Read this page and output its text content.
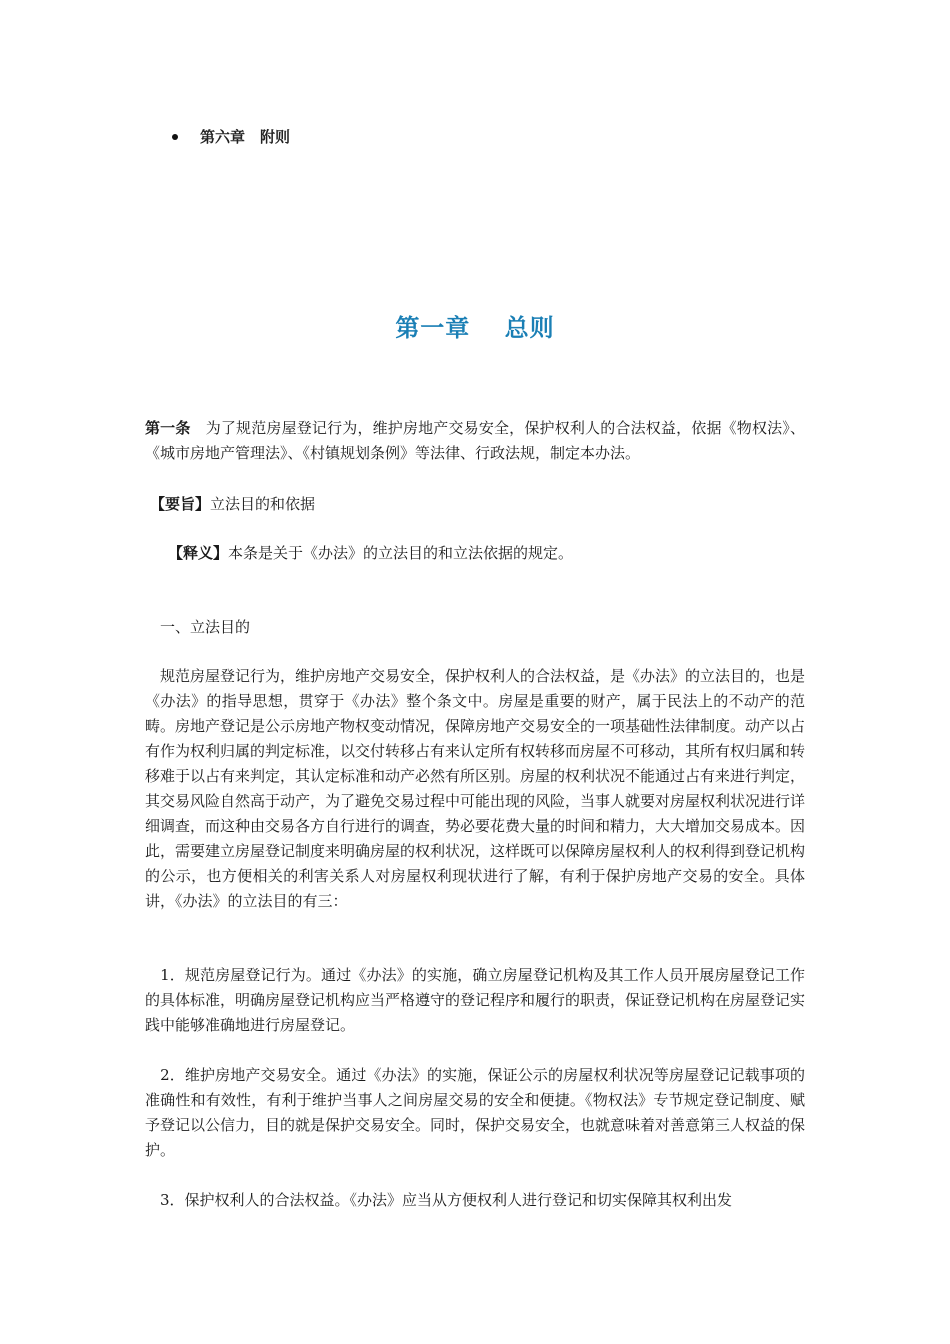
第六章　附则
第一章　 总则

第一条　为了规范房屋登记行为，维护房地产交易安全，保护权利人的合法权益，依据《物权法》、《城市房地产管理法》、《村镇规划条例》等法律、行政法规，制定本办法。

【要旨】立法目的和依据

【释义】本条是关于《办法》的立法目的和立法依据的规定。

一、立法目的

　规范房屋登记行为，维护房地产交易安全，保护权利人的合法权益，是《办法》的立法目的，也是《办法》的指导思想，贯穿于《办法》整个条文中。房屋是重要的财产，属于民法上的不动产的范畴。房地产登记是公示房地产物权变动情况，保障房地产交易安全的一项基础性法律制度。动产以占有作为权利归属的判定标准，以交付转移占有来认定所有权转移而房屋不可移动，其所有权归属和转移难于以占有来判定，其认定标准和动产必然有所区别。房屋的权利状况不能通过占有来进行判定，其交易风险自然高于动产，为了避免交易过程中可能出现的风险，当事人就要对房屋权利状况进行详细调查，而这种由交易各方自行进行的调查，势必要花费大量的时间和精力，大大增加交易成本。因此，需要建立房屋登记制度来明确房屋的权利状况，这样既可以保障房屋权利人的权利得到登记机构的公示，也方便相关的利害关系人对房屋权利现状进行了解，有利于保护房地产交易的安全。具体讲，《办法》的立法目的有三：

　1．规范房屋登记行为。通过《办法》的实施，确立房屋登记机构及其工作人员开展房屋登记工作的具体标准，明确房屋登记机构应当严格遵守的登记程序和履行的职责，保证登记机构在房屋登记实践中能够准确地进行房屋登记。

　2．维护房地产交易安全。通过《办法》的实施，保证公示的房屋权利状况等房屋登记记载事项的准确性和有效性，有利于维护当事人之间房屋交易的安全和便捷。《物权法》专节规定登记制度、赋予登记以公信力，目的就是保护交易安全。同时，保护交易安全，也就意味着对善意第三人权益的保护。

　3．保护权利人的合法权益。《办法》应当从方便权利人进行登记和切实保障其权利出发
